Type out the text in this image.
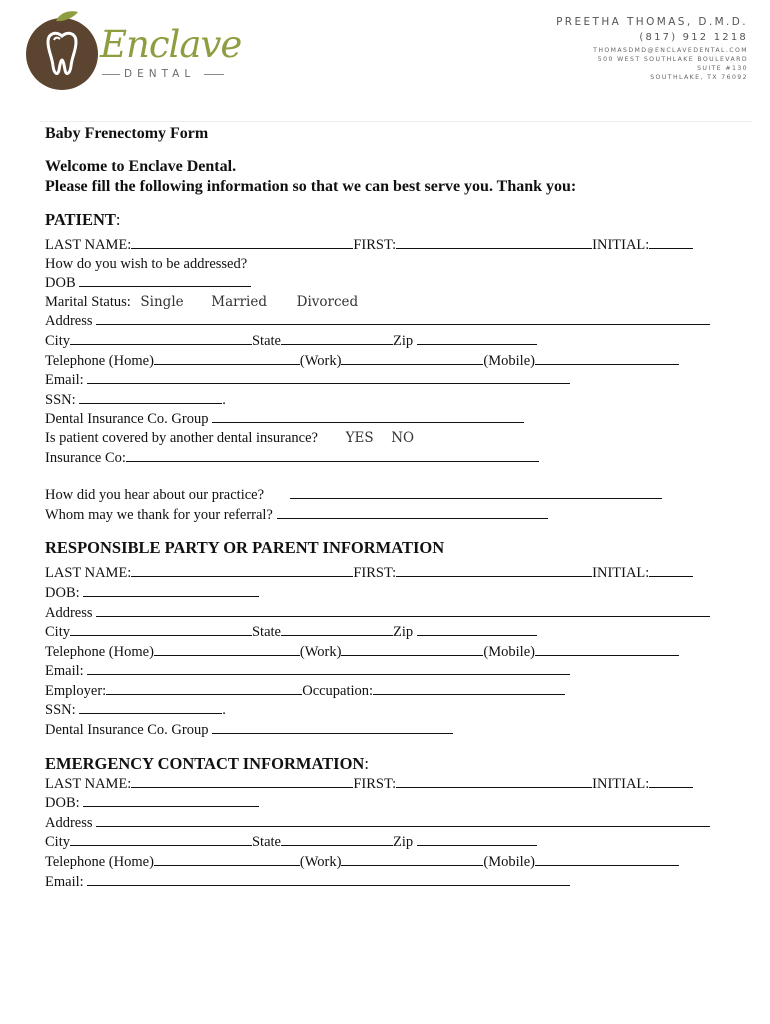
Enclave
DENTAL
PREETHA THOMAS, D.M.D.
(817) 912 1218
THOMASDMD@ENCLAVEDENTAL.COM
500 WEST SOUTHLAKE BOULEVARD
SUITE #130
SOUTHLAKE, TX 76092
Baby Frenectomy Form
Welcome to Enclave Dental.
Please fill the following information so that we can best serve you. Thank you:
PATIENT:
LAST NAME:	FIRST:	INITIAL:
How do you wish to be addressed?
DOB
Marital Status: Single Married Divorced
Address
City	State	Zip
Telephone (Home)	(Work)	(Mobile)
Email:
SSN:	.
Dental Insurance Co. Group
Is patient covered by another dental insurance? YES NO
Insurance Co:
How did you hear about our practice?
Whom may we thank for your referral?
RESPONSIBLE PARTY OR PARENT INFORMATION
LAST NAME:	FIRST:	INITIAL:
DOB:
Address
City	State	Zip
Telephone (Home)	(Work)	(Mobile)
Email:
Employer:	Occupation:
SSN:	.
Dental Insurance Co. Group
EMERGENCY CONTACT INFORMATION:
LAST NAME:	FIRST:	INITIAL:
DOB:
Address
City	State	Zip
Telephone (Home)	(Work)	(Mobile)
Email:
